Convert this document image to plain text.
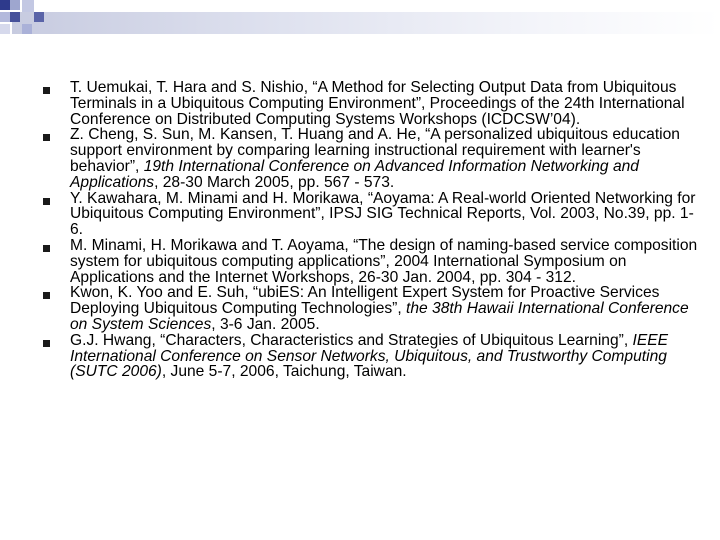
T. Uemukai, T. Hara and S. Nishio, “A Method for Selecting Output Data from Ubiquitous Terminals in a Ubiquitous Computing Environment”, Proceedings of the 24th International Conference on Distributed Computing Systems Workshops (ICDCSW’04).
Z. Cheng, S. Sun, M. Kansen, T. Huang and A. He, “A personalized ubiquitous education support environment by comparing learning instructional requirement with learner's behavior”, 19th International Conference on Advanced Information Networking and Applications, 28-30 March 2005, pp. 567 - 573.
Y. Kawahara, M. Minami and H. Morikawa, “Aoyama: A Real-world Oriented Networking for Ubiquitous Computing Environment”, IPSJ SIG Technical Reports, Vol. 2003, No.39, pp. 1-6.
M. Minami, H. Morikawa and T. Aoyama, “The design of naming-based service composition system for ubiquitous computing applications”, 2004 International Symposium on Applications and the Internet Workshops, 26-30 Jan. 2004, pp. 304 - 312.
Kwon, K. Yoo and E. Suh, “ubiES: An Intelligent Expert System for Proactive Services Deploying Ubiquitous Computing Technologies”, the 38th Hawaii International Conference on System Sciences, 3-6 Jan. 2005.
G.J. Hwang, “Characters, Characteristics and Strategies of Ubiquitous Learning”, IEEE International Conference on Sensor Networks, Ubiquitous, and Trustworthy Computing (SUTC 2006), June 5-7, 2006, Taichung, Taiwan.
